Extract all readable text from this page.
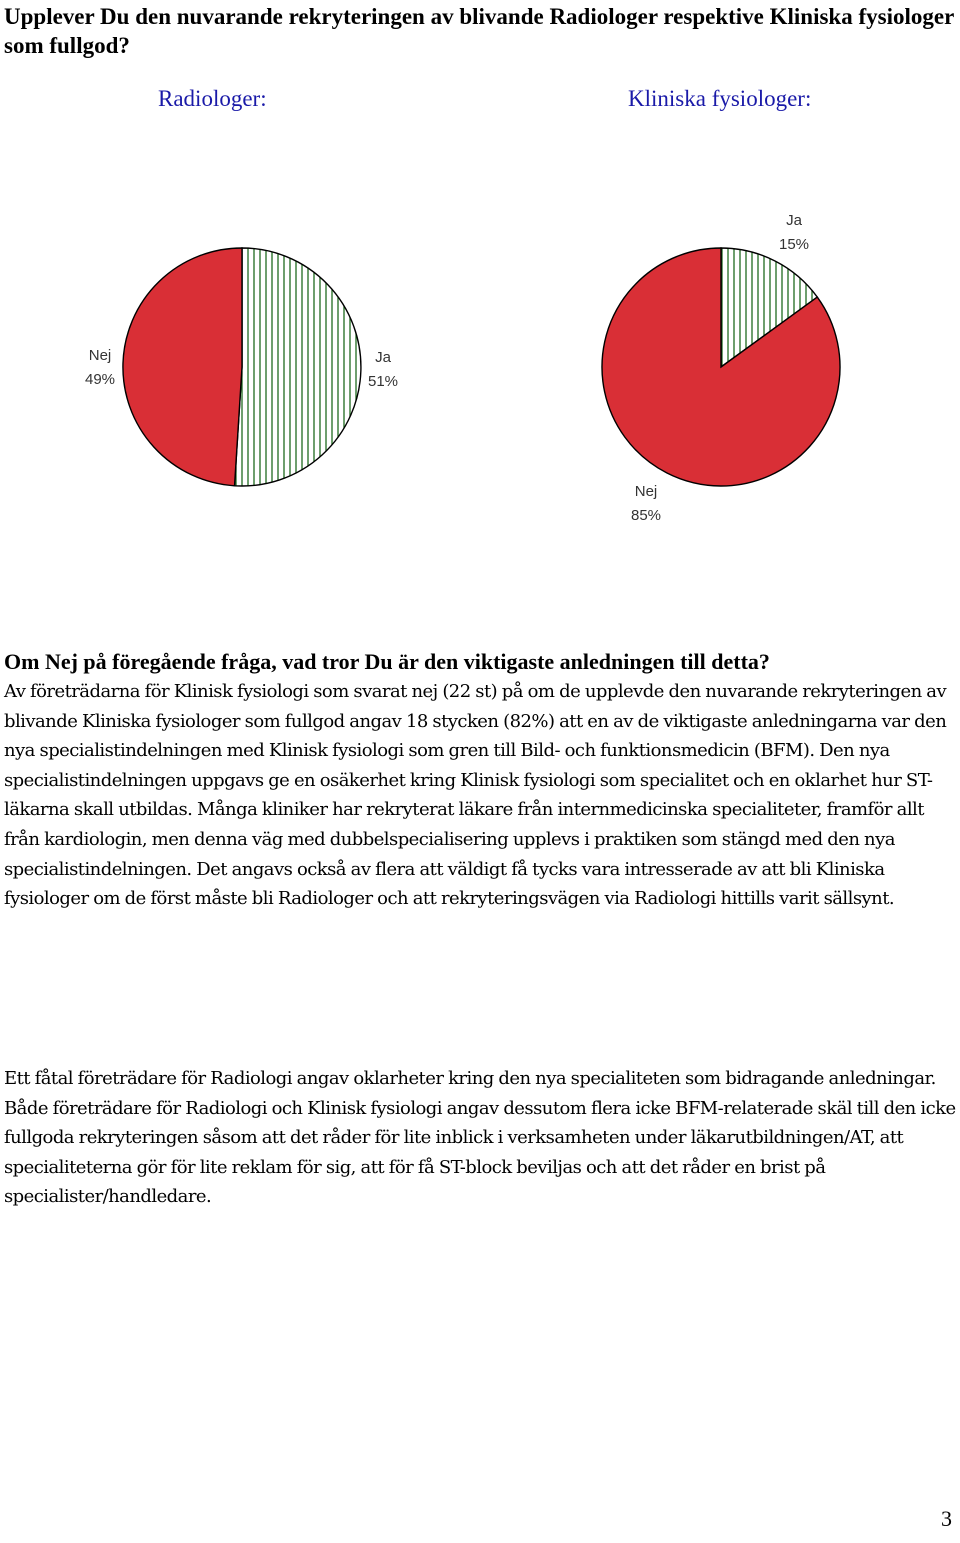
Upplever Du den nuvarande rekryteringen av blivande Radiologer respektive Kliniska fysiologer som fullgod?
Radiologer:	Kliniska fysiologer:
Ja
51%
Nej
49%
Ja
15%
Nej
85%
Om Nej på föregående fråga, vad tror Du är den viktigaste anledningen till detta?

Av företrädarna för Klinisk fysiologi som svarat nej (22 st) på om de upplevde den nuvarande rekryteringen av blivande Kliniska fysiologer som fullgod angav 18 stycken (82%) att en av de viktigaste anledningarna var den nya specialistindelningen med Klinisk fysiologi som gren till Bild- och funktionsmedicin (BFM). Den nya specialistindelningen uppgavs ge en osäkerhet kring Klinisk fysiologi som specialitet och en oklarhet hur ST-läkarna skall utbildas. Många kliniker har rekryterat läkare från internmedicinska specialiteter, framför allt från kardiologin, men denna väg med dubbelspecialisering upplevs i praktiken som stängd med den nya specialistindelningen. Det angavs också av flera att väldigt få tycks vara intresserade av att bli Kliniska fysiologer om de först måste bli Radiologer och att rekryteringsvägen via Radiologi hittills varit sällsynt.

Ett fåtal företrädare för Radiologi angav oklarheter kring den nya specialiteten som bidragande anledningar. Både företrädare för Radiologi och Klinisk fysiologi angav dessutom flera icke BFM-relaterade skäl till den icke fullgoda rekryteringen såsom att det råder för lite inblick i verksamheten under läkarutbildningen/AT, att specialiteterna gör för lite reklam för sig, att för få ST-block beviljas och att det råder en brist på specialister/handledare.

3
